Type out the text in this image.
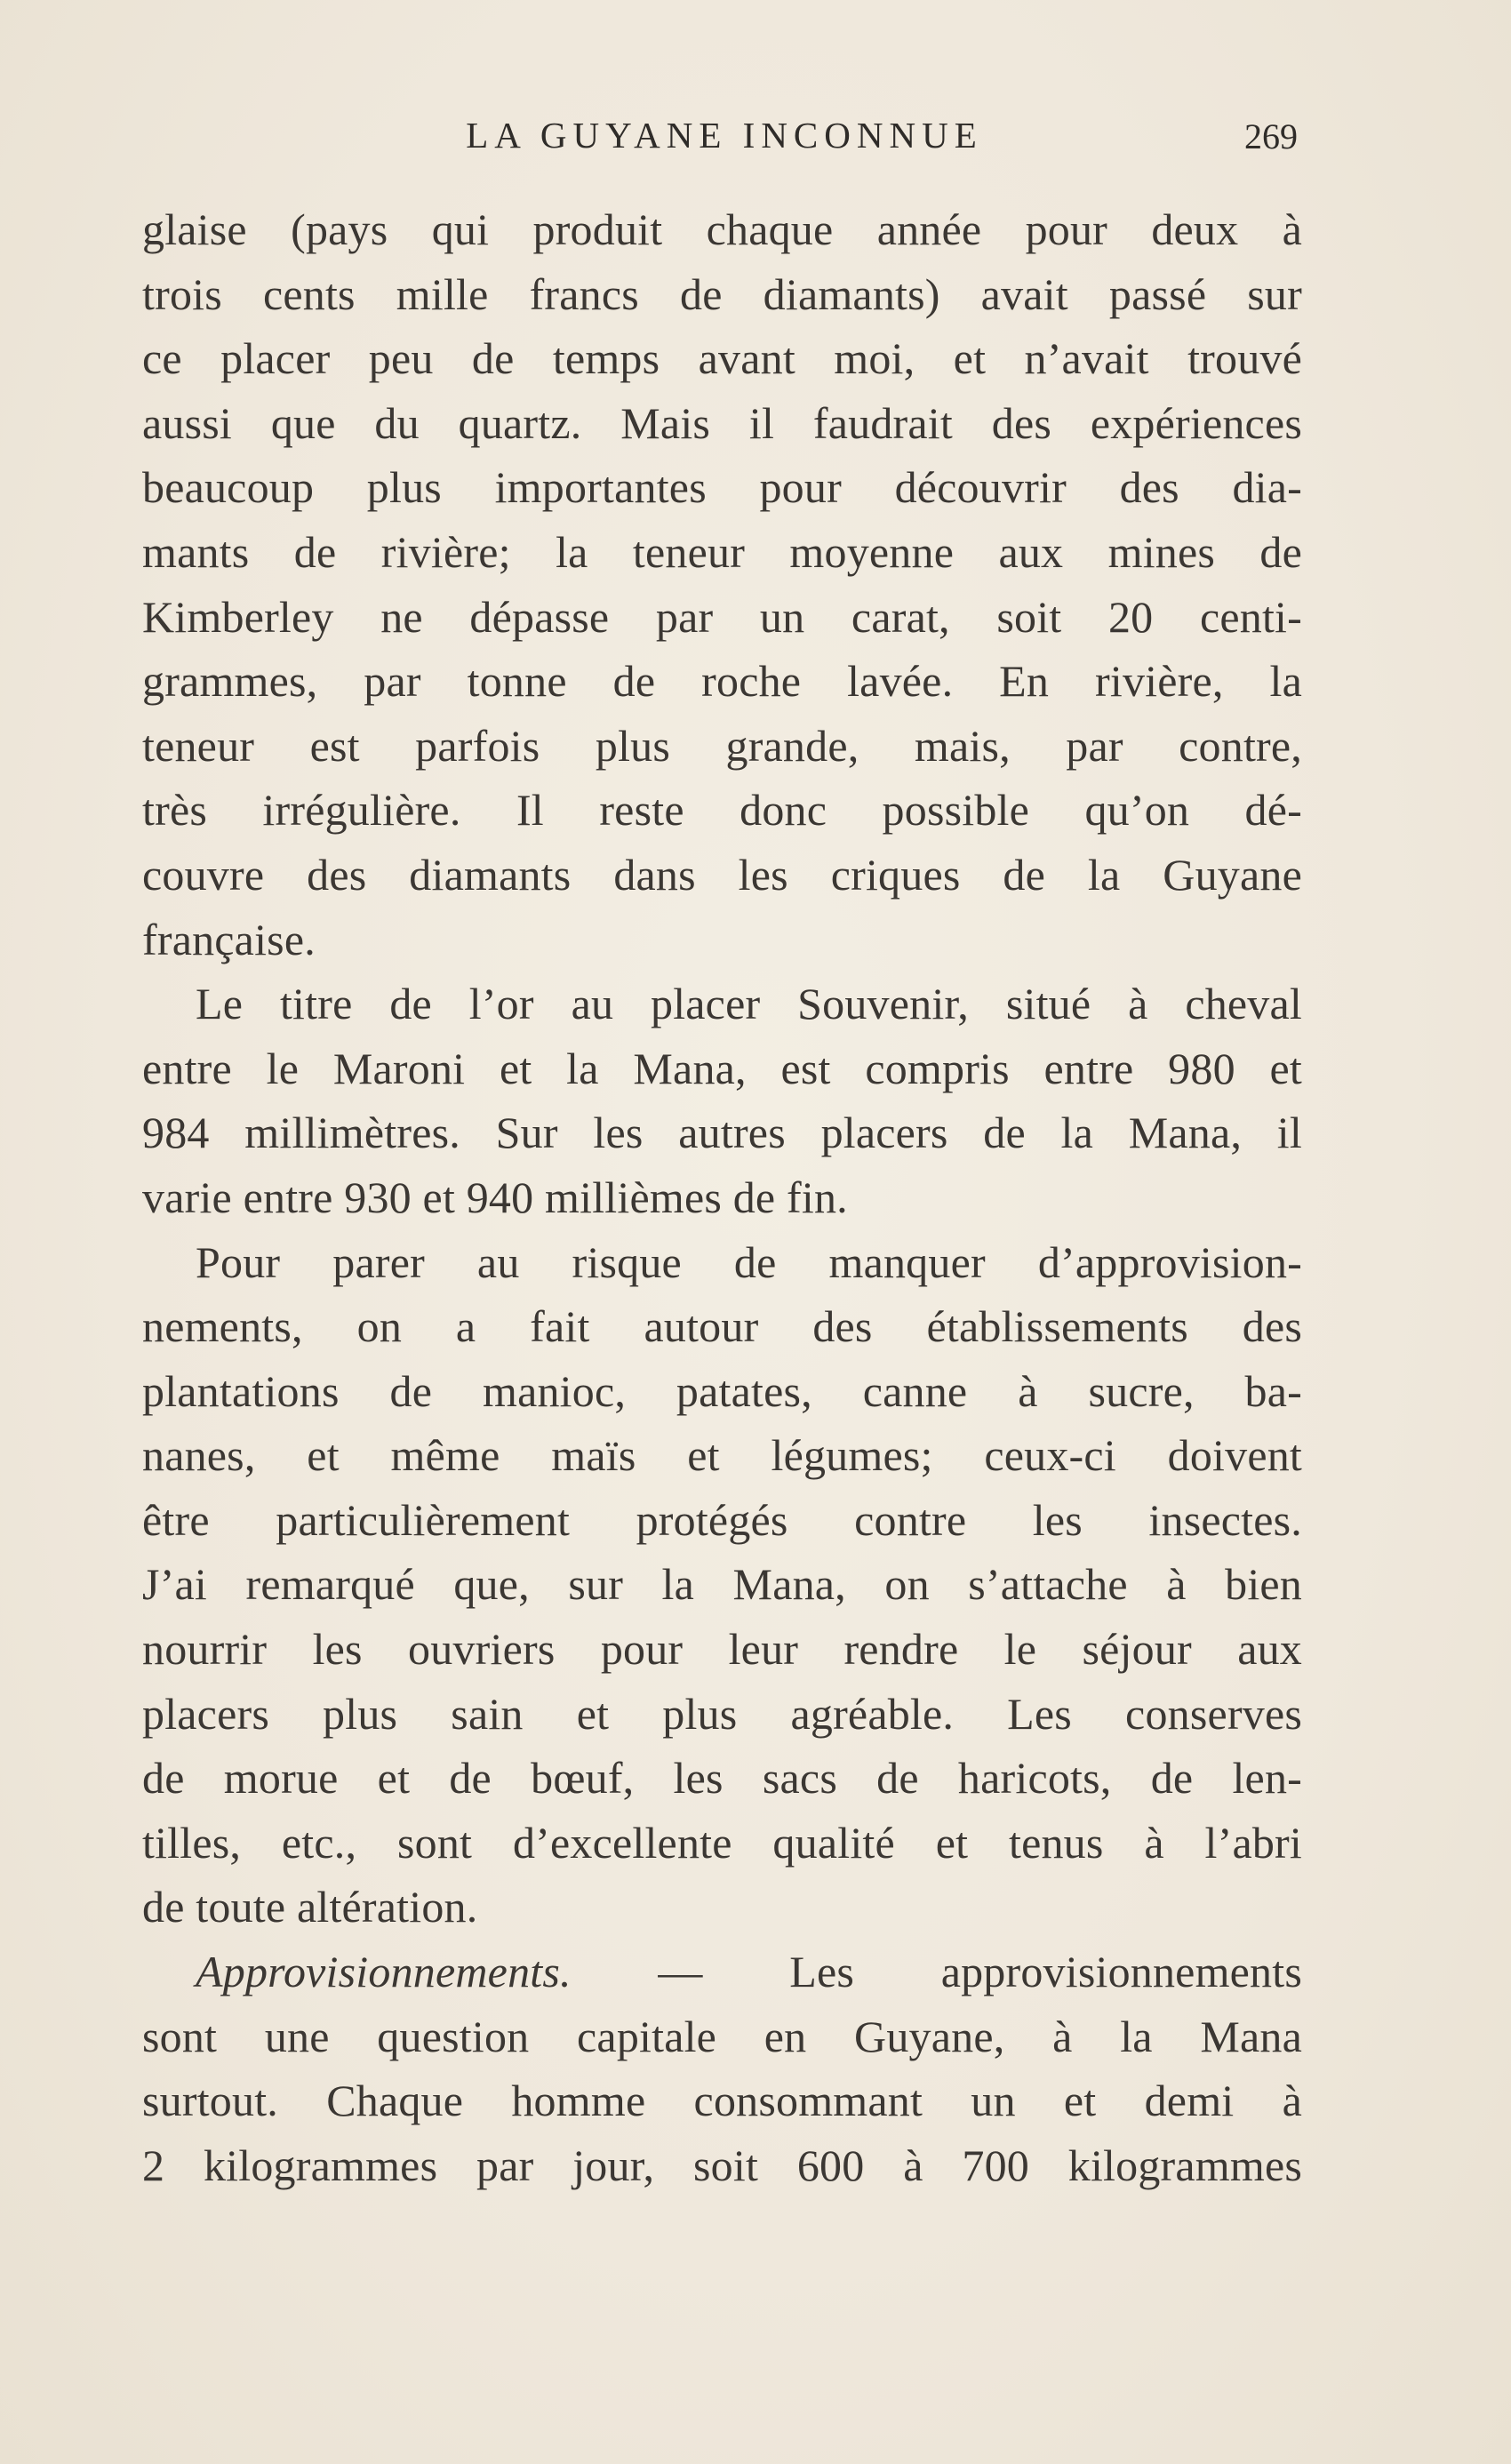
LA GUYANE INCONNUE	269
glaise (pays qui produit chaque année pour deux à
trois cents mille francs de diamants) avait passé sur
ce placer peu de temps avant moi, et n’avait trouvé
aussi que du quartz. Mais il faudrait des expériences
beaucoup plus importantes pour découvrir des dia-
mants de rivière; la teneur moyenne aux mines de
Kimberley ne dépasse par un carat, soit 20 centi-
grammes, par tonne de roche lavée. En rivière, la
teneur est parfois plus grande, mais, par contre,
très irrégulière. Il reste donc possible qu’on dé-
couvre des diamants dans les criques de la Guyane
française.
Le titre de l’or au placer Souvenir, situé à cheval
entre le Maroni et la Mana, est compris entre 980 et
984 millimètres. Sur les autres placers de la Mana, il
varie entre 930 et 940 millièmes de fin.
Pour parer au risque de manquer d’approvision-
nements, on a fait autour des établissements des
plantations de manioc, patates, canne à sucre, ba-
nanes, et même maïs et légumes; ceux-ci doivent
être particulièrement protégés contre les insectes.
J’ai remarqué que, sur la Mana, on s’attache à bien
nourrir les ouvriers pour leur rendre le séjour aux
placers plus sain et plus agréable. Les conserves
de morue et de bœuf, les sacs de haricots, de len-
tilles, etc., sont d’excellente qualité et tenus à l’abri
de toute altération.
Approvisionnements. — Les approvisionnements
sont une question capitale en Guyane, à la Mana
surtout. Chaque homme consommant un et demi à
2 kilogrammes par jour, soit 600 à 700 kilogrammes
